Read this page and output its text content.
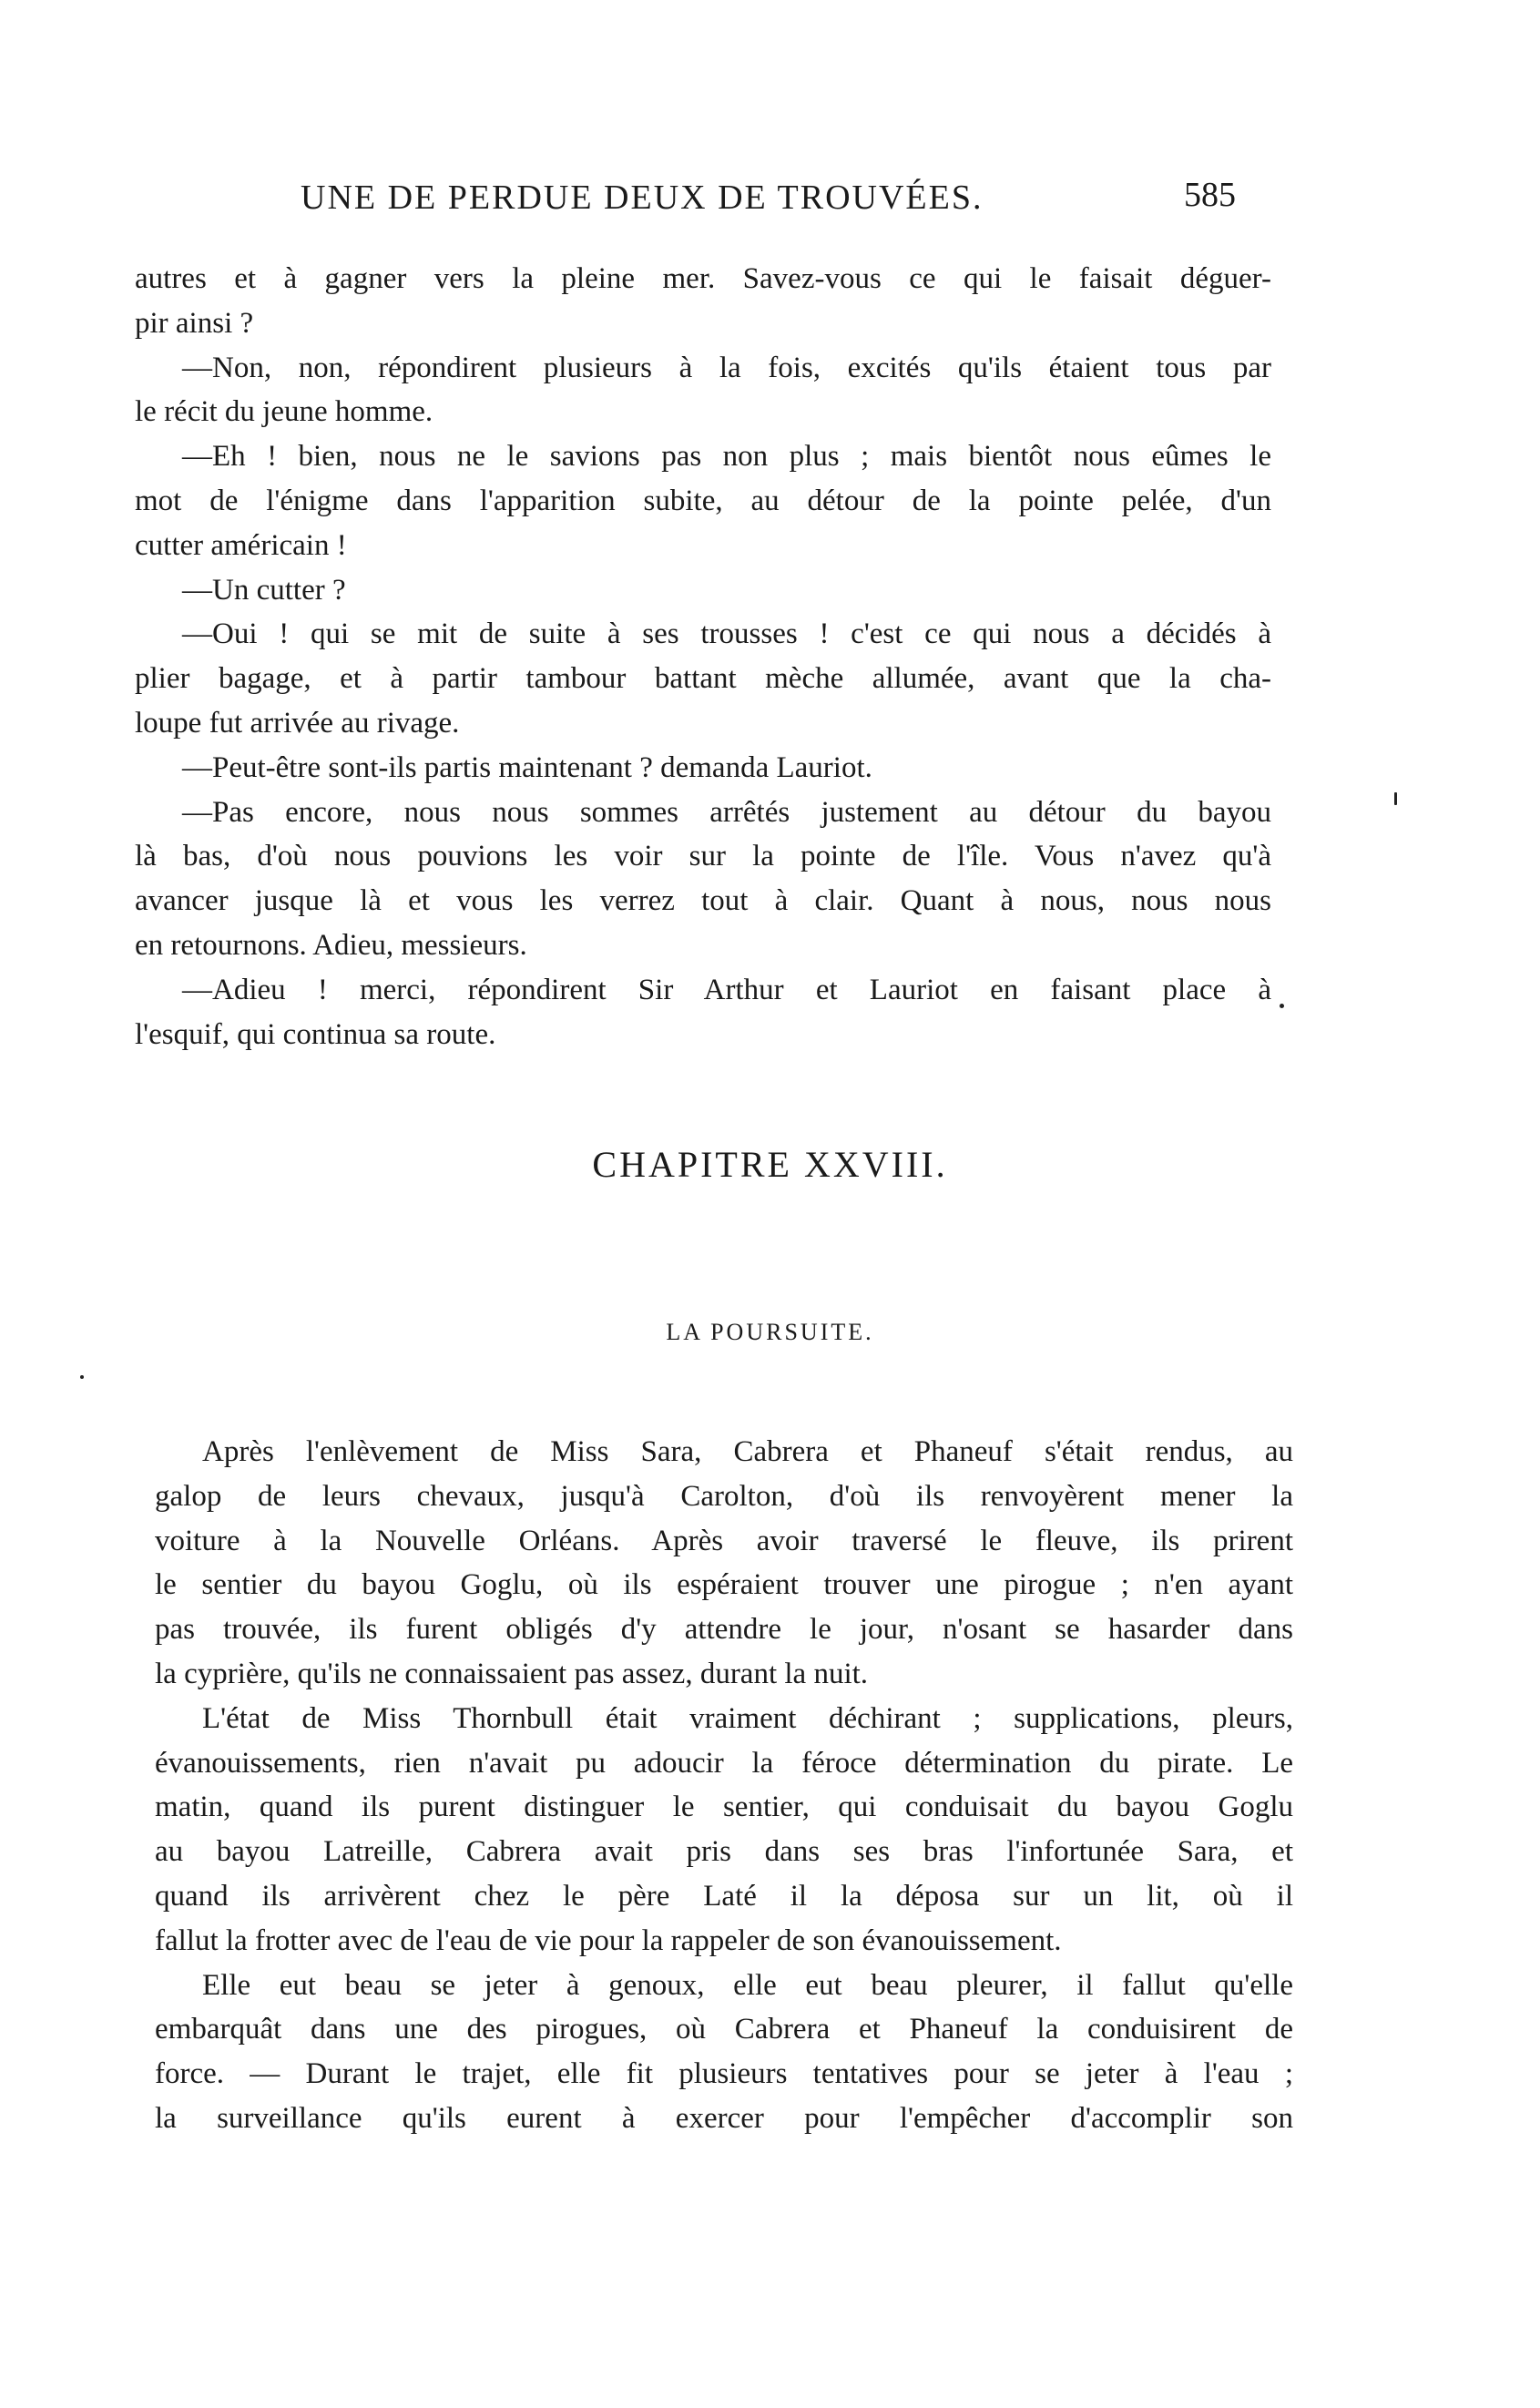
UNE DE PERDUE DEUX DE TROUVÉES.	585
autres et à gagner vers la pleine mer. Savez-vous ce qui le faisait déguer-
pir ainsi ?
—Non, non, répondirent plusieurs à la fois, excités qu'ils étaient tous par
le récit du jeune homme.
—Eh ! bien, nous ne le savions pas non plus ; mais bientôt nous eûmes le
mot de l'énigme dans l'apparition subite, au détour de la pointe pelée, d'un
cutter américain !
—Un cutter ?
—Oui ! qui se mit de suite à ses trousses ! c'est ce qui nous a décidés à
plier bagage, et à partir tambour battant mèche allumée, avant que la cha-
loupe fut arrivée au rivage.
—Peut-être sont-ils partis maintenant ? demanda Lauriot.
—Pas encore, nous nous sommes arrêtés justement au détour du bayou
là bas, d'où nous pouvions les voir sur la pointe de l'île. Vous n'avez qu'à
avancer jusque là et vous les verrez tout à clair. Quant à nous, nous nous
en retournons. Adieu, messieurs.
—Adieu ! merci, répondirent Sir Arthur et Lauriot en faisant place à
l'esquif, qui continua sa route.
CHAPITRE XXVIII.
LA POURSUITE.
Après l'enlèvement de Miss Sara, Cabrera et Phaneuf s'était rendus, au
galop de leurs chevaux, jusqu'à Carolton, d'où ils renvoyèrent mener la
voiture à la Nouvelle Orléans. Après avoir traversé le fleuve, ils prirent
le sentier du bayou Goglu, où ils espéraient trouver une pirogue ; n'en ayant
pas trouvée, ils furent obligés d'y attendre le jour, n'osant se hasarder dans
la cyprière, qu'ils ne connaissaient pas assez, durant la nuit.
L'état de Miss Thornbull était vraiment déchirant ; supplications, pleurs,
évanouissements, rien n'avait pu adoucir la féroce détermination du pirate. Le
matin, quand ils purent distinguer le sentier, qui conduisait du bayou Goglu
au bayou Latreille, Cabrera avait pris dans ses bras l'infortunée Sara, et
quand ils arrivèrent chez le père Laté il la déposa sur un lit, où il
fallut la frotter avec de l'eau de vie pour la rappeler de son évanouissement.
Elle eut beau se jeter à genoux, elle eut beau pleurer, il fallut qu'elle
embarquât dans une des pirogues, où Cabrera et Phaneuf la conduisirent de
force. — Durant le trajet, elle fit plusieurs tentatives pour se jeter à l'eau ;
la surveillance qu'ils eurent à exercer pour l'empêcher d'accomplir son
